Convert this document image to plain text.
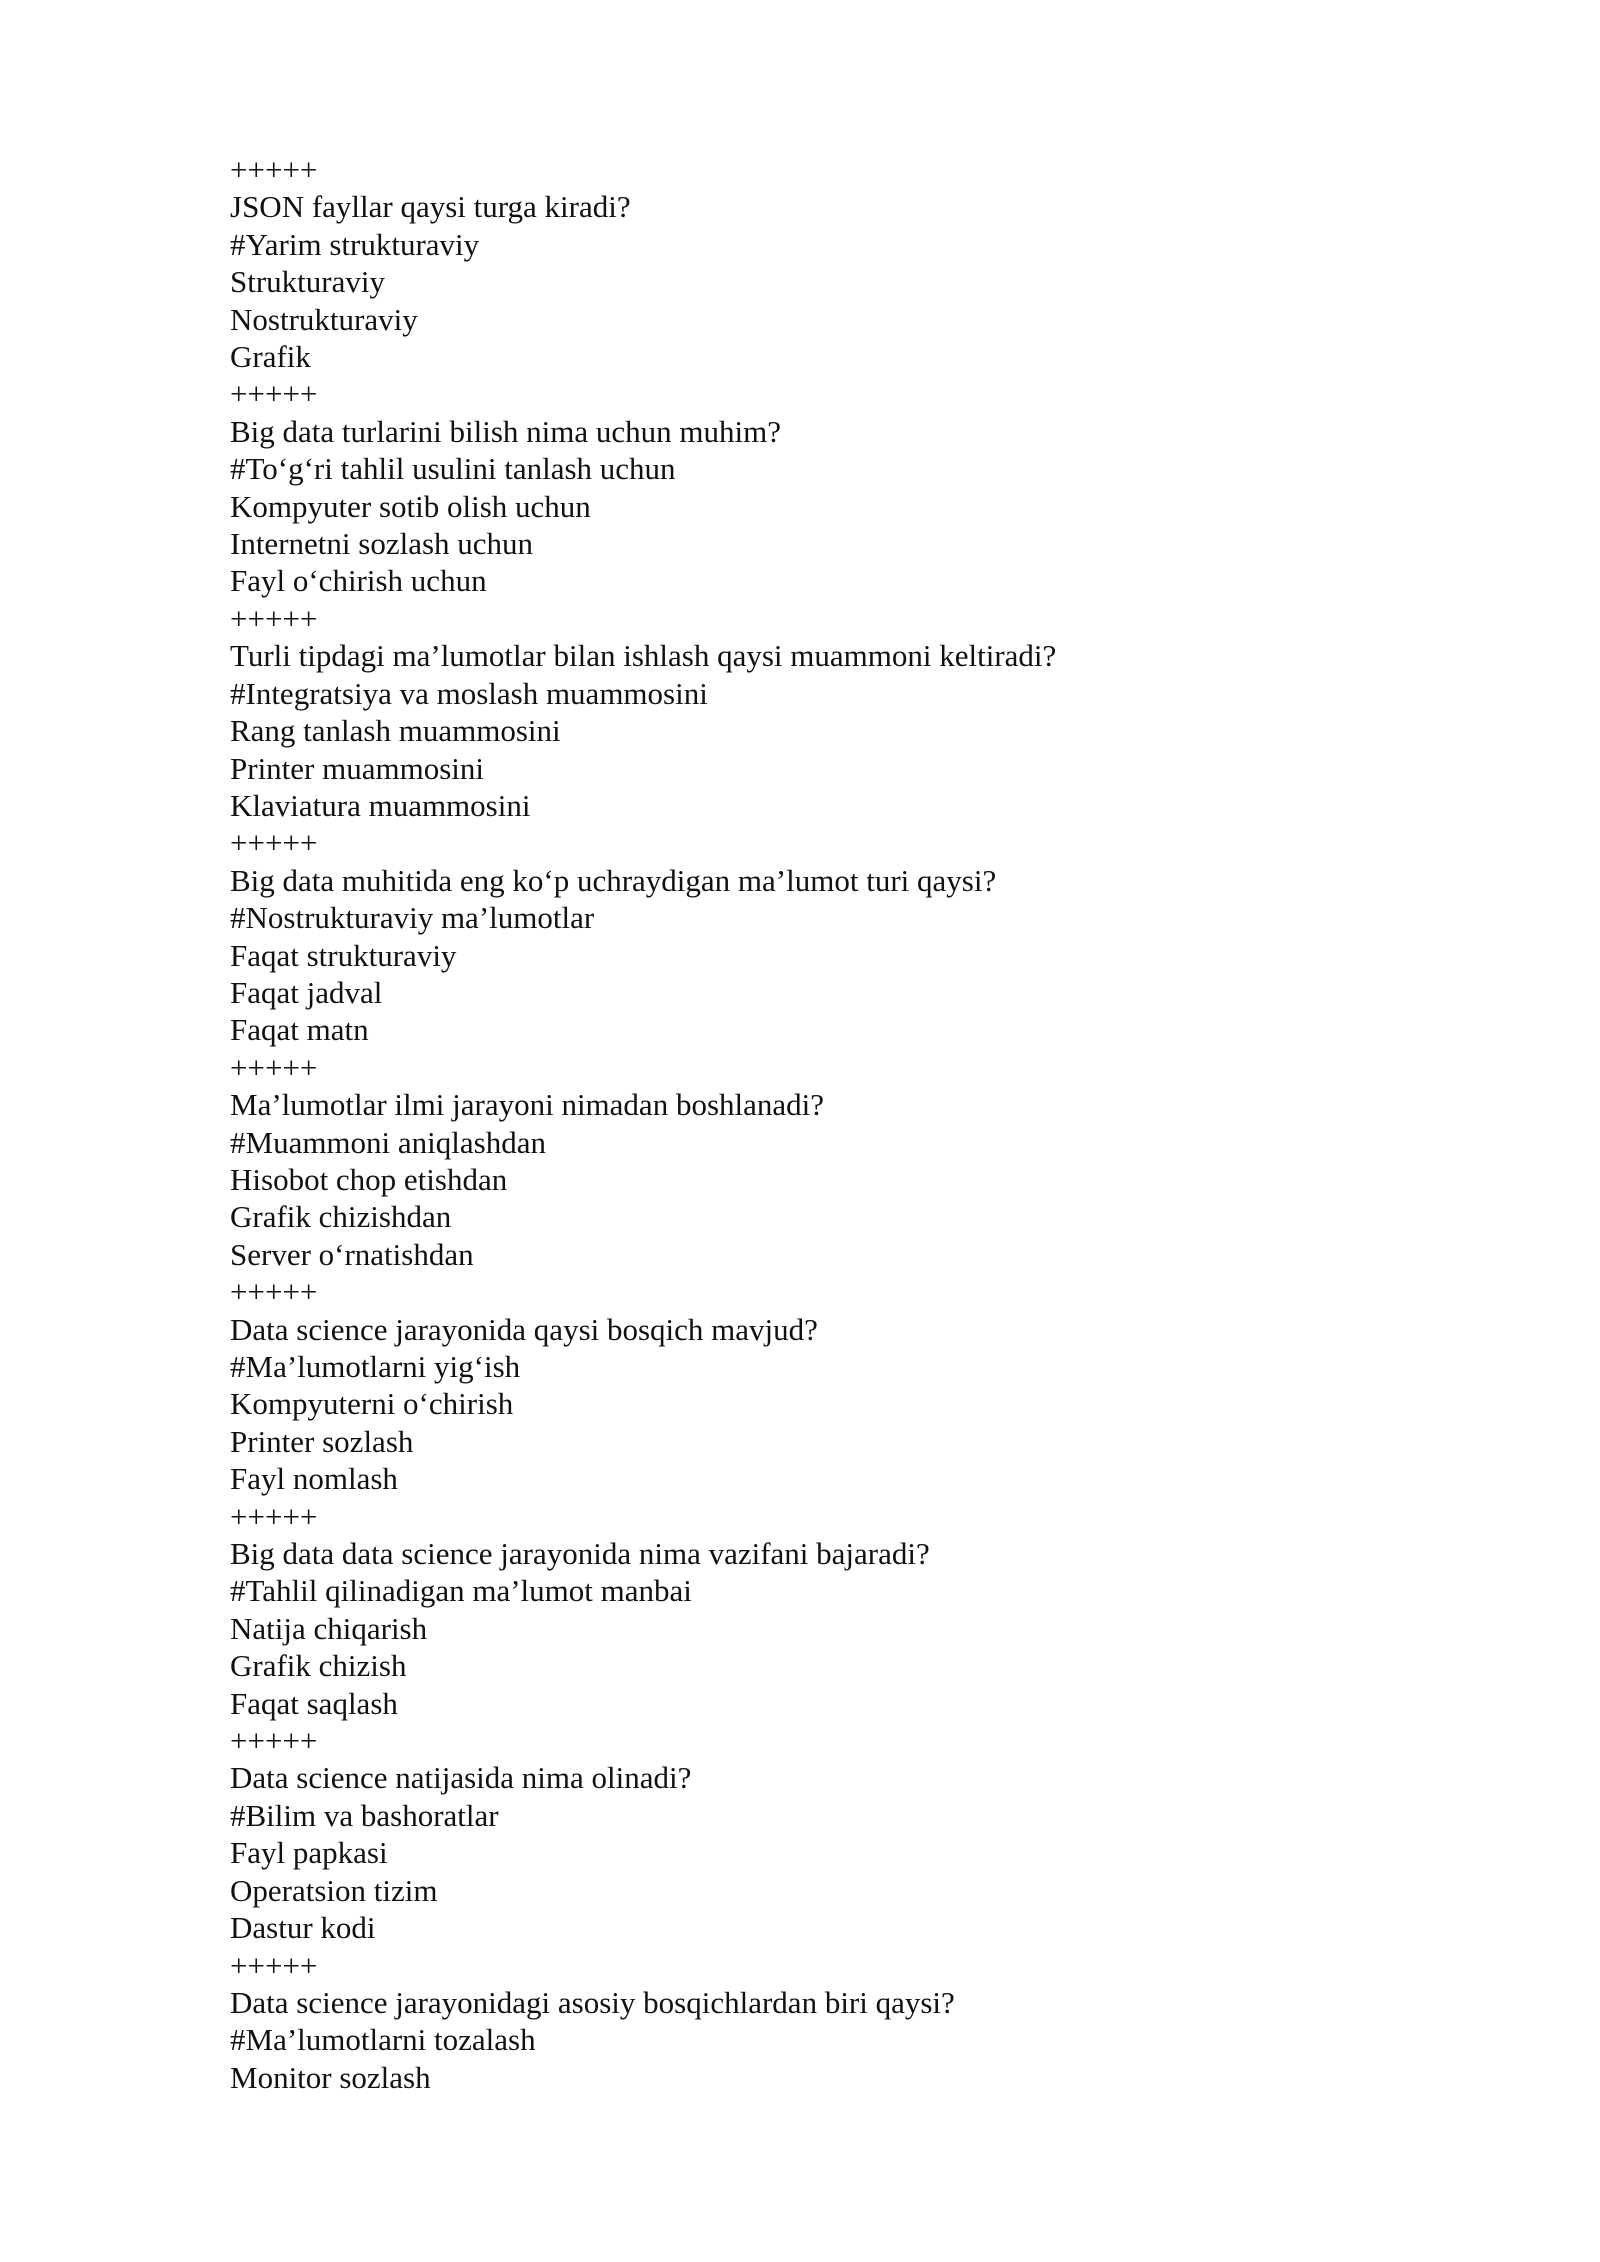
+++++
JSON fayllar qaysi turga kiradi?
#Yarim strukturaviy
Strukturaviy
Nostrukturaviy
Grafik
+++++
Big data turlarini bilish nima uchun muhim?
#To‘g‘ri tahlil usulini tanlash uchun
Kompyuter sotib olish uchun
Internetni sozlash uchun
Fayl o‘chirish uchun
+++++
Turli tipdagi ma’lumotlar bilan ishlash qaysi muammoni keltiradi?
#Integratsiya va moslash muammosini
Rang tanlash muammosini
Printer muammosini
Klaviatura muammosini
+++++
Big data muhitida eng ko‘p uchraydigan ma’lumot turi qaysi?
#Nostrukturaviy ma’lumotlar
Faqat strukturaviy
Faqat jadval
Faqat matn
+++++
Ma’lumotlar ilmi jarayoni nimadan boshlanadi?
#Muammoni aniqlashdan
Hisobot chop etishdan
Grafik chizishdan
Server o‘rnatishdan
+++++
Data science jarayonida qaysi bosqich mavjud?
#Ma’lumotlarni yig‘ish
Kompyuterni o‘chirish
Printer sozlash
Fayl nomlash
+++++
Big data data science jarayonida nima vazifani bajaradi?
#Tahlil qilinadigan ma’lumot manbai
Natija chiqarish
Grafik chizish
Faqat saqlash
+++++
Data science natijasida nima olinadi?
#Bilim va bashoratlar
Fayl papkasi
Operatsion tizim
Dastur kodi
+++++
Data science jarayonidagi asosiy bosqichlardan biri qaysi?
#Ma’lumotlarni tozalash
Monitor sozlash
